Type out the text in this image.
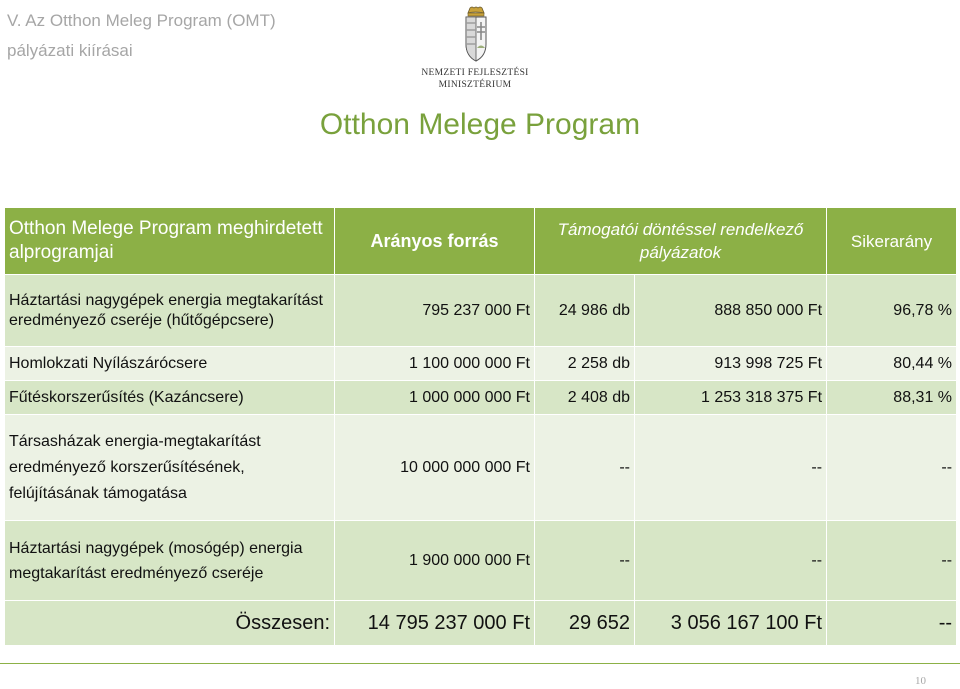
V. Az Otthon Meleg Program (OMT)
pályázati kiírásai
NEMZETI FEJLESZTÉSI
MINISZTÉRIUM
Otthon Melege Program
Otthon Melege Program meghirdetett alprogramjai	Arányos forrás	Támogatói döntéssel rendelkező pályázatok		Sikerarány
Háztartási nagygépek energia megtakarítást eredményező cseréje (hűtőgépcsere)	795 237 000 Ft	24 986 db	888 850 000 Ft	96,78 %
Homlokzati Nyílászárócsere	1 100 000 000 Ft	2 258 db	913 998 725 Ft	80,44 %
Fűtéskorszerűsítés (Kazáncsere)	1 000 000 000 Ft	2 408 db	1 253 318 375 Ft	88,31 %
Társasházak energia-megtakarítást eredményező korszerűsítésének, felújításának támogatása	10 000 000 000 Ft	--	--	--
Háztartási nagygépek (mosógép) energia megtakarítást eredményező cseréje	1 900 000 000 Ft	--	--	--
Összesen:	14 795 237 000 Ft	29 652	3 056 167 100 Ft	--
10
